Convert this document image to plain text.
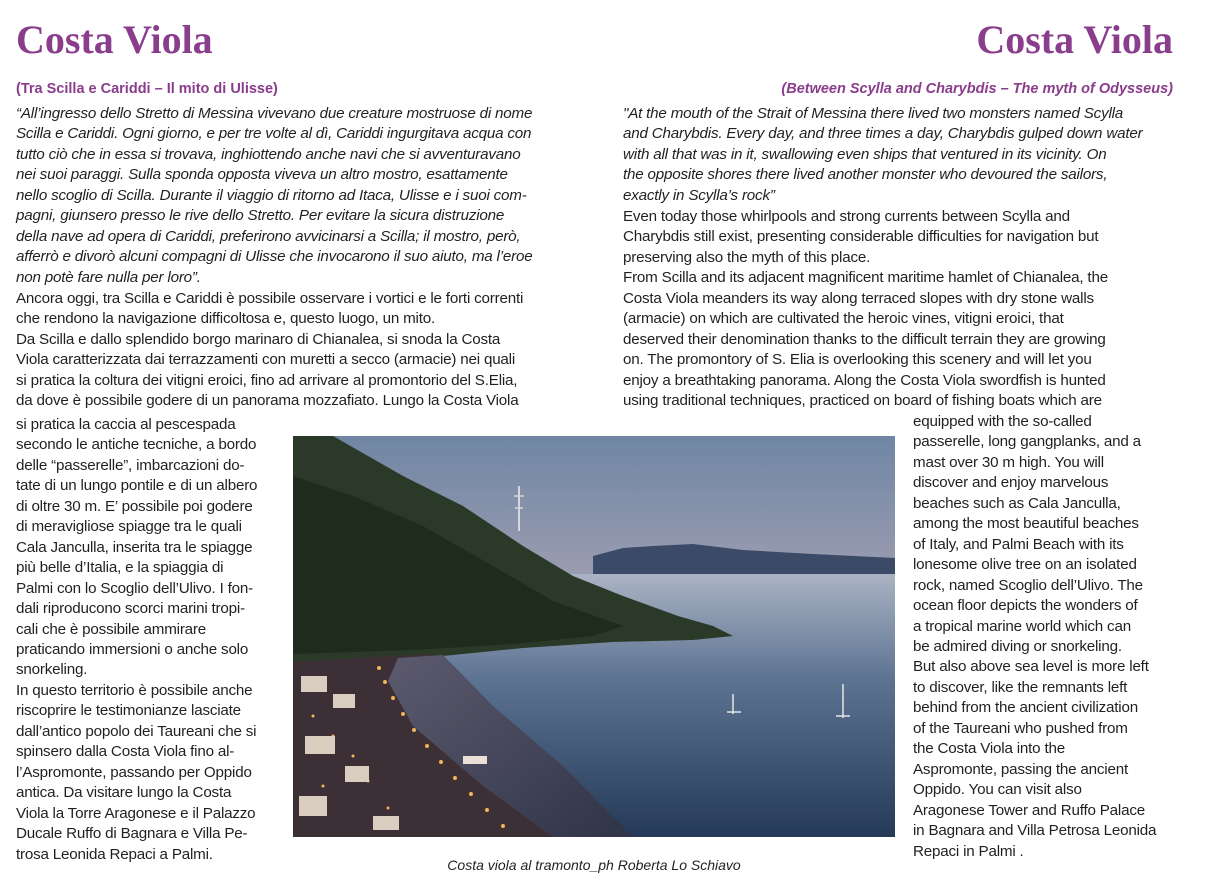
Costa Viola	Costa Viola

(Tra Scilla e Cariddi – Il mito di Ulisse)	(Between Scylla and Charybdis – The myth of Odysseus)

“All’ingresso dello Stretto di Messina vivevano due creature mostruose di nome
Scilla e Cariddi. Ogni giorno, e per tre volte al dì, Cariddi ingurgitava acqua con
tutto ciò che in essa si trovava, inghiottendo anche navi che si avventuravano
nei suoi paraggi. Sulla sponda opposta viveva un altro mostro, esattamente
nello scoglio di Scilla. Durante il viaggio di ritorno ad Itaca, Ulisse e i suoi com-
pagni, giunsero presso le rive dello Stretto. Per evitare la sicura distruzione
della nave ad opera di Cariddi, preferirono avvicinarsi a Scilla; il mostro, però,
afferrò e divorò alcuni compagni di Ulisse che invocarono il suo aiuto, ma l’eroe
non potè fare nulla per loro”.
Ancora oggi, tra Scilla e Cariddi è possibile osservare i vortici e le forti correnti
che rendono la navigazione difficoltosa e, questo luogo, un mito.
Da Scilla e dallo splendido borgo marinaro di Chianalea, si snoda la Costa
Viola caratterizzata dai terrazzamenti con muretti a secco (armacie) nei quali
si pratica la coltura dei vitigni eroici, fino ad arrivare al promontorio del S.Elia,
da dove è possibile godere di un panorama mozzafiato. Lungo la Costa Viola
si pratica la caccia al pescespada
secondo le antiche tecniche, a bordo
delle “passerelle”, imbarcazioni do-
tate di un lungo pontile e di un albero
di oltre 30 m. E’ possibile poi godere
di meravigliose spiagge tra le quali
Cala Janculla, inserita tra le spiagge
più belle d’Italia, e la spiaggia di
Palmi con lo Scoglio dell’Ulivo. I fon-
dali riproducono scorci marini tropi-
cali che è possibile ammirare
praticando immersioni o anche solo
snorkeling.
In questo territorio è possibile anche
riscoprire le testimonianze lasciate
dall’antico popolo dei Taureani che si
spinsero dalla Costa Viola fino al-
l’Aspromonte, passando per Oppido
antica. Da visitare lungo la Costa
Viola la Torre Aragonese e il Palazzo
Ducale Ruffo di Bagnara e Villa Pe-
trosa Leonida Repaci a Palmi.
"At the mouth of the Strait of Messina there lived two monsters named Scylla
and Charybdis. Every day, and three times a day, Charybdis gulped down water
with all that was in it, swallowing even ships that ventured in its vicinity. On
the opposite shores there lived another monster who devoured the sailors,
exactly in Scylla’s rock”
Even today those whirlpools and strong currents between Scylla and
Charybdis still exist, presenting considerable difficulties for navigation but
preserving also the myth of this place.
From Scilla and its adjacent magnificent maritime hamlet of Chianalea, the
Costa Viola meanders its way along terraced slopes with dry stone walls
(armacie) on which are cultivated the heroic vines, vitigni eroici, that
deserved their denomination thanks to the difficult terrain they are growing
on. The promontory of S. Elia is overlooking this scenery and will let you
enjoy a breathtaking panorama. Along the Costa Viola swordfish is hunted
using traditional techniques, practiced on board of fishing boats which are
equipped with the so-called
passerelle, long gangplanks, and a
mast over 30 m high. You will
discover and enjoy marvelous
beaches such as Cala Janculla,
among the most beautiful beaches
of Italy, and Palmi Beach with its
lonesome olive tree on an isolated
rock, named Scoglio dell’Ulivo. The
ocean floor depicts the wonders of
a tropical marine world which can
be admired diving or snorkeling.
But also above sea level is more left
to discover, like the remnants left
behind from the ancient civilization
of the Taureani who pushed from
the Costa Viola into the
Aspromonte, passing the ancient
Oppido. You can visit also
Aragonese Tower and Ruffo Palace
in Bagnara and Villa Petrosa Leonida
Repaci in Palmi .

Costa viola al tramonto_ph Roberta Lo Schiavo
